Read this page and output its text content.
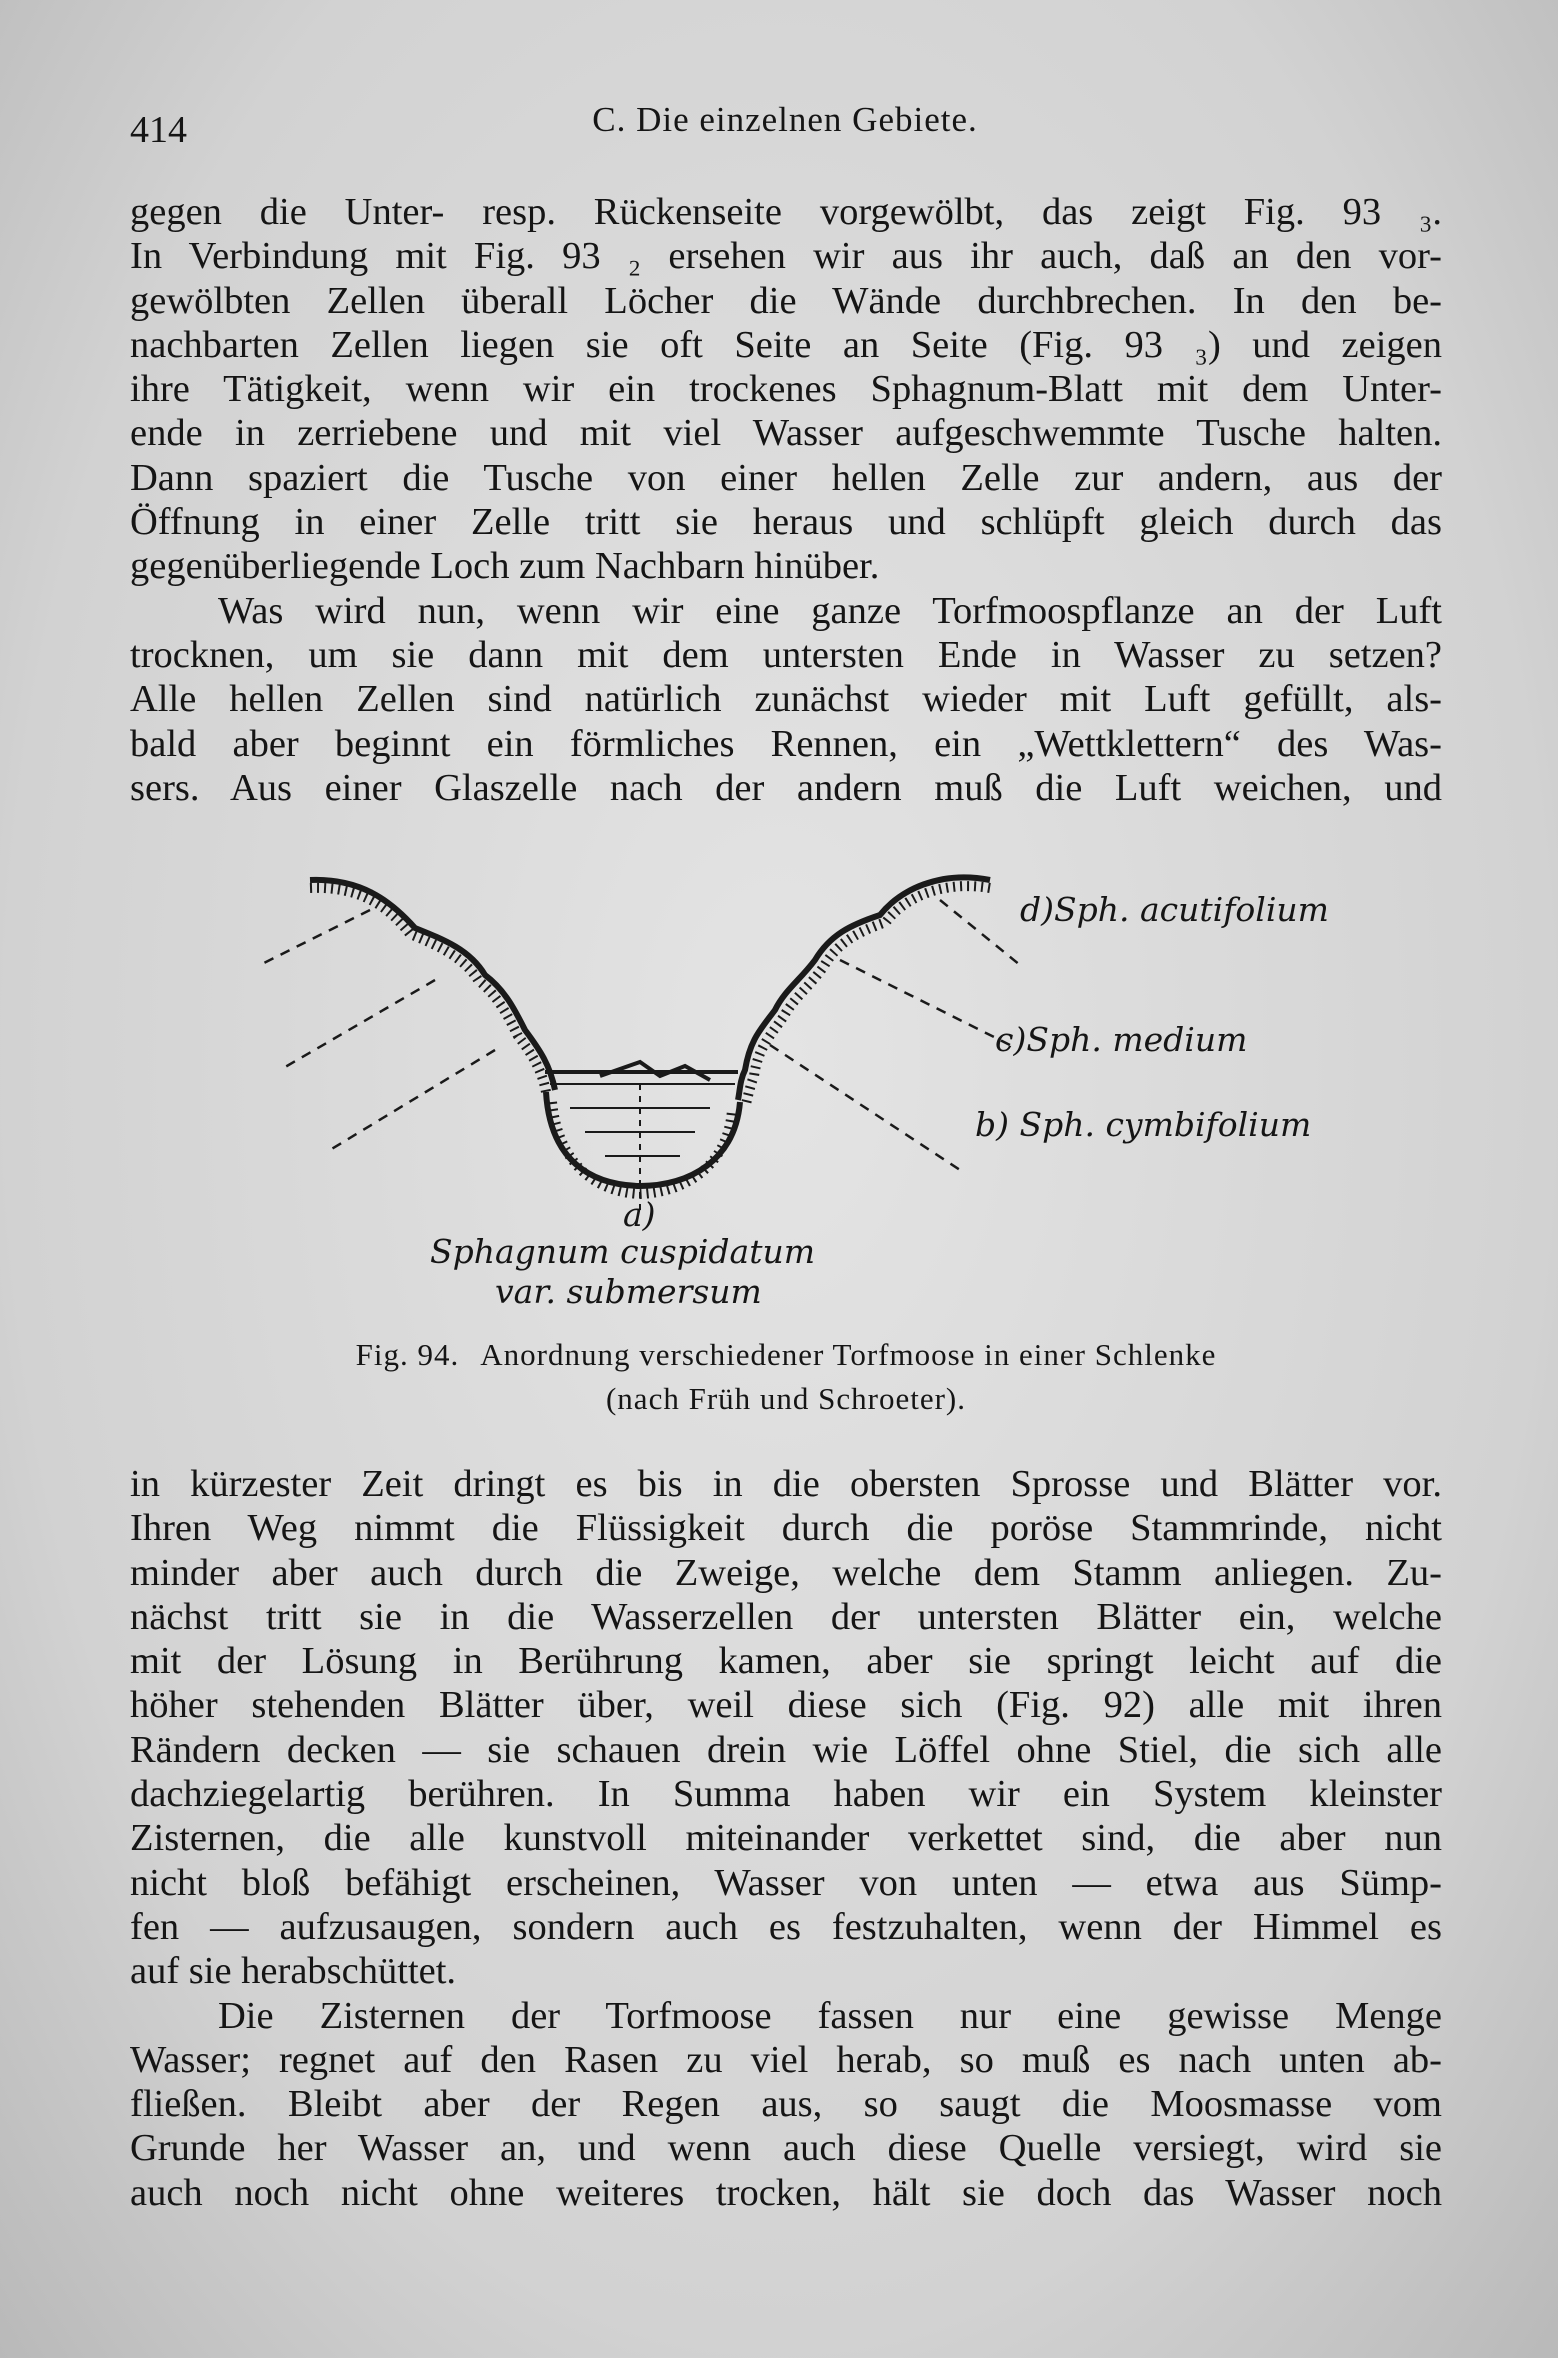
414	C. Die einzelnen Gebiete.

gegen die Unter- resp. Rückenseite vorgewölbt, das zeigt Fig. 93 ₃.
In Verbindung mit Fig. 93 ₂ ersehen wir aus ihr auch, daß an den vor-
gewölbten Zellen überall Löcher die Wände durchbrechen. In den be-
nachbarten Zellen liegen sie oft Seite an Seite (Fig. 93 ₃) und zeigen
ihre Tätigkeit, wenn wir ein trockenes Sphagnum-Blatt mit dem Unter-
ende in zerriebene und mit viel Wasser aufgeschwemmte Tusche halten.
Dann spaziert die Tusche von einer hellen Zelle zur andern, aus der
Öffnung in einer Zelle tritt sie heraus und schlüpft gleich durch das
gegenüberliegende Loch zum Nachbarn hinüber.

Was wird nun, wenn wir eine ganze Torfmoospflanze an der Luft
trocknen, um sie dann mit dem untersten Ende in Wasser zu setzen?
Alle hellen Zellen sind natürlich zunächst wieder mit Luft gefüllt, als-
bald aber beginnt ein förmliches Rennen, ein „Wettklettern“ des Was-
sers. Aus einer Glaszelle nach der andern muß die Luft weichen, und

d)Sph. acutifolium
c)Sph. medium
b) Sph. cymbifolium
a)
Sphagnum cuspidatum
var. submersum
Fig. 94. Anordnung verschiedener Torfmoose in einer Schlenke
(nach Früh und Schroeter).

in kürzester Zeit dringt es bis in die obersten Sprosse und Blätter vor.
Ihren Weg nimmt die Flüssigkeit durch die poröse Stammrinde, nicht
minder aber auch durch die Zweige, welche dem Stamm anliegen. Zu-
nächst tritt sie in die Wasserzellen der untersten Blätter ein, welche
mit der Lösung in Berührung kamen, aber sie springt leicht auf die
höher stehenden Blätter über, weil diese sich (Fig. 92) alle mit ihren
Rändern decken — sie schauen drein wie Löffel ohne Stiel, die sich alle
dachziegelartig berühren. In Summa haben wir ein System kleinster
Zisternen, die alle kunstvoll miteinander verkettet sind, die aber nun
nicht bloß befähigt erscheinen, Wasser von unten — etwa aus Sümp-
fen — aufzusaugen, sondern auch es festzuhalten, wenn der Himmel es
auf sie herabschüttet.

Die Zisternen der Torfmoose fassen nur eine gewisse Menge
Wasser; regnet auf den Rasen zu viel herab, so muß es nach unten ab-
fließen. Bleibt aber der Regen aus, so saugt die Moosmasse vom
Grunde her Wasser an, und wenn auch diese Quelle versiegt, wird sie
auch noch nicht ohne weiteres trocken, hält sie doch das Wasser noch
